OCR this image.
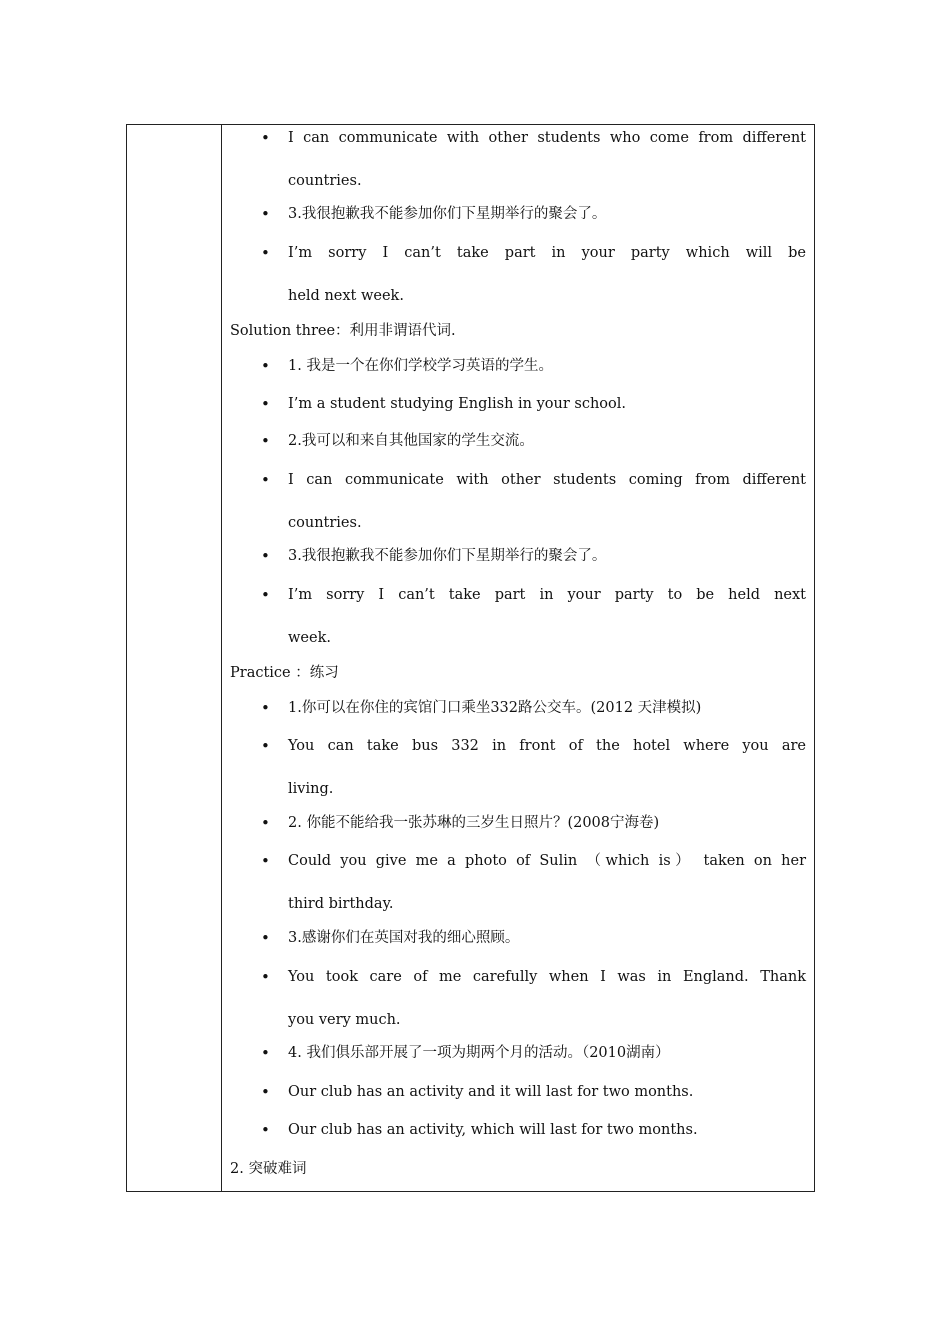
• I can communicate with other students who come from different
countries.
• 3.我很抱歉我不能参加你们下星期举行的聚会了。
• I’m sorry I can’t take part in your party which will be
held next week.
Solution three：利用非谓语代词.
• 1. 我是一个在你们学校学习英语的学生。
• I’m a student studying English in your school.
• 2.我可以和来自其他国家的学生交流。
• I can communicate with other students coming from different
countries.
• 3.我很抱歉我不能参加你们下星期举行的聚会了。
• I’m sorry I can’t take part in your party to be held next
week.
Practice ：练习
• 1.你可以在你住的宾馆门口乘坐332路公交车。(2012 天津模拟)
• You can take bus 332 in front of the hotel where you are
living.
• 2. 你能不能给我一张苏琳的三岁生日照片？(2008宁海卷)
• Could you give me a photo of Sulin （which is） taken on her
third birthday.
• 3.感谢你们在英国对我的细心照顾。
• You took care of me carefully when I was in England. Thank
you very much.
• 4. 我们俱乐部开展了一项为期两个月的活动。（2010湖南）
• Our club has an activity and it will last for two months.
• Our club has an activity, which will last for two months.
2. 突破难词
